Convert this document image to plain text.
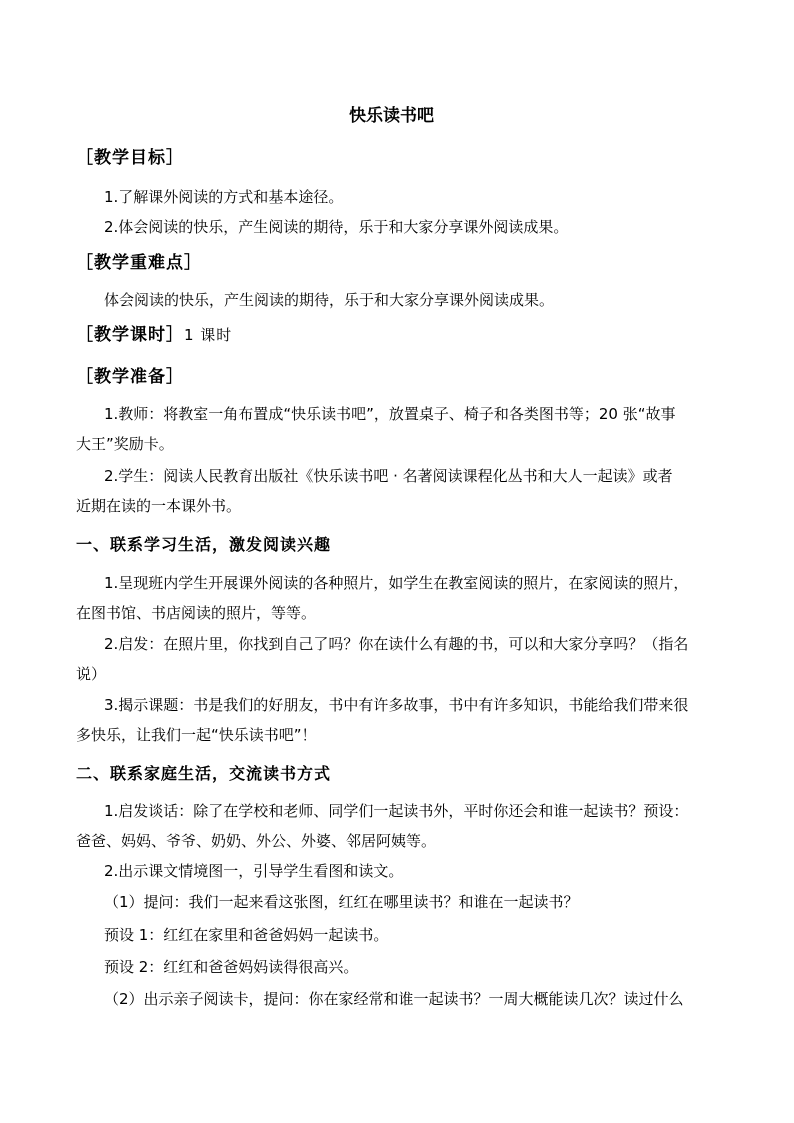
快乐读书吧
［教学目标］
1.了解课外阅读的方式和基本途径。
2.体会阅读的快乐，产生阅读的期待，乐于和大家分享课外阅读成果。
［教学重难点］
体会阅读的快乐，产生阅读的期待，乐于和大家分享课外阅读成果。
［教学课时］1 课时
［教学准备］
1.教师：将教室一角布置成“快乐读书吧”，放置桌子、椅子和各类图书等；20 张“故事
大王”奖励卡。
2.学生：阅读人民教育出版社《快乐读书吧 · 名著阅读课程化丛书和大人一起读》或者
近期在读的一本课外书。
一、联系学习生活，激发阅读兴趣
1.呈现班内学生开展课外阅读的各种照片，如学生在教室阅读的照片，在家阅读的照片，
在图书馆、书店阅读的照片，等等。
2.启发：在照片里，你找到自己了吗？你在读什么有趣的书，可以和大家分享吗？（指名
说）
3.揭示课题：书是我们的好朋友，书中有许多故事，书中有许多知识，书能给我们带来很
多快乐，让我们一起“快乐读书吧”！
二、联系家庭生活，交流读书方式
1.启发谈话：除了在学校和老师、同学们一起读书外，平时你还会和谁一起读书？预设：
爸爸、妈妈、爷爷、奶奶、外公、外婆、邻居阿姨等。
2.出示课文情境图一，引导学生看图和读文。
（1）提问：我们一起来看这张图，红红在哪里读书？和谁在一起读书？
预设 1：红红在家里和爸爸妈妈一起读书。
预设 2：红红和爸爸妈妈读得很高兴。
（2）出示亲子阅读卡，提问：你在家经常和谁一起读书？一周大概能读几次？读过什么
